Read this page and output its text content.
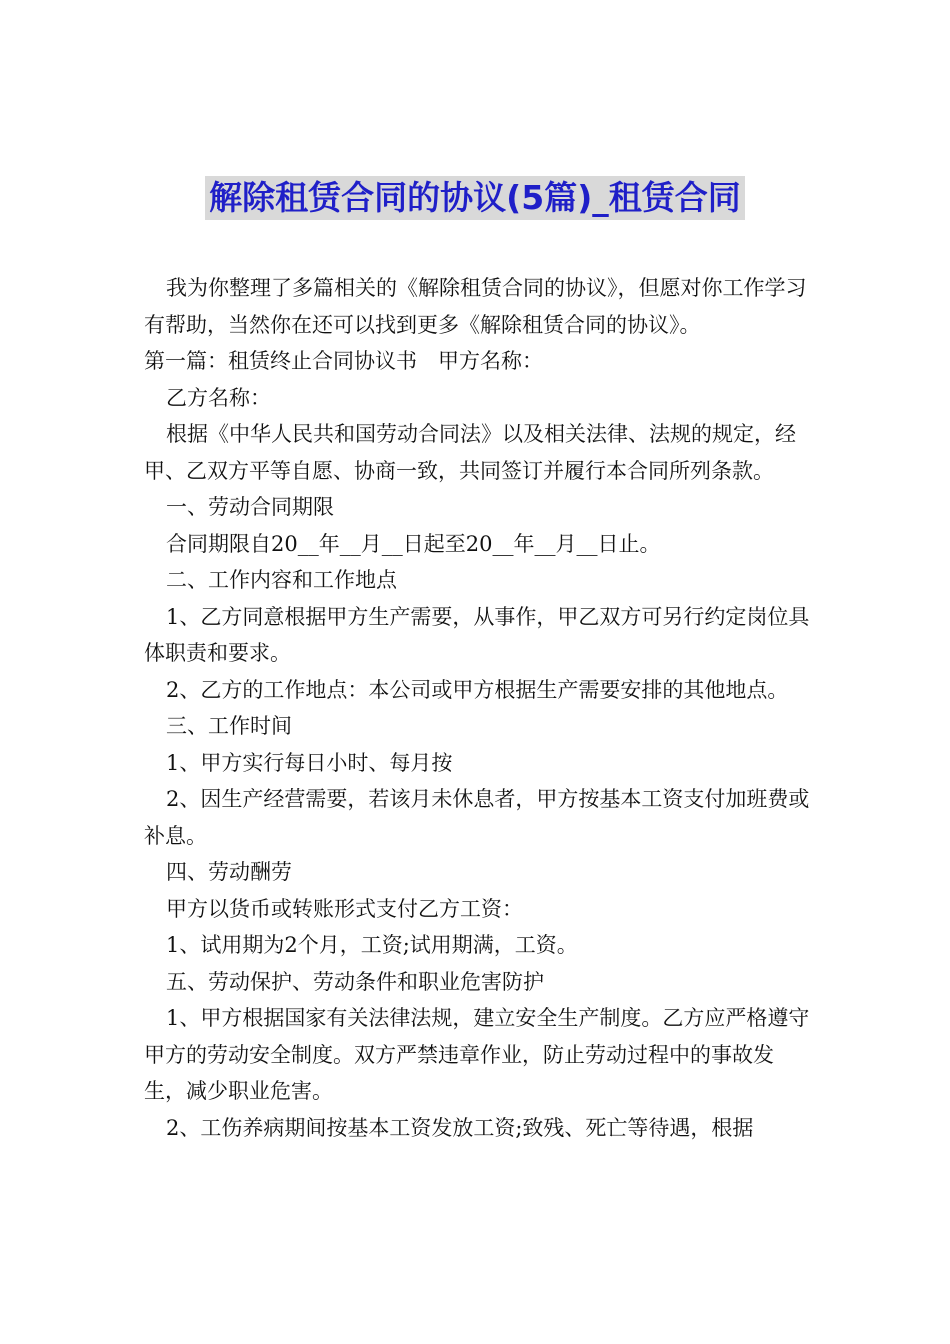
解除租赁合同的协议(5篇)_租赁合同

我为你整理了多篇相关的《解除租赁合同的协议》，但愿对你工作学习有帮助，当然你在还可以找到更多《解除租赁合同的协议》。

第一篇：租赁终止合同协议书　甲方名称：

乙方名称：

根据《中华人民共和国劳动合同法》以及相关法律、法规的规定，经甲、乙双方平等自愿、协商一致，共同签订并履行本合同所列条款。

一、劳动合同期限

合同期限自20__年__月__日起至20__年__月__日止。

二、工作内容和工作地点

1、乙方同意根据甲方生产需要，从事作，甲乙双方可另行约定岗位具体职责和要求。

2、乙方的工作地点：本公司或甲方根据生产需要安排的其他地点。

三、工作时间

1、甲方实行每日小时、每月按

2、因生产经营需要，若该月未休息者，甲方按基本工资支付加班费或补息。

四、劳动酬劳

甲方以货币或转账形式支付乙方工资：

1、试用期为2个月，工资;试用期满，工资。

五、劳动保护、劳动条件和职业危害防护

1、甲方根据国家有关法律法规，建立安全生产制度。乙方应严格遵守甲方的劳动安全制度。双方严禁违章作业，防止劳动过程中的事故发生，减少职业危害。

2、工伤养病期间按基本工资发放工资;致残、死亡等待遇，根据
